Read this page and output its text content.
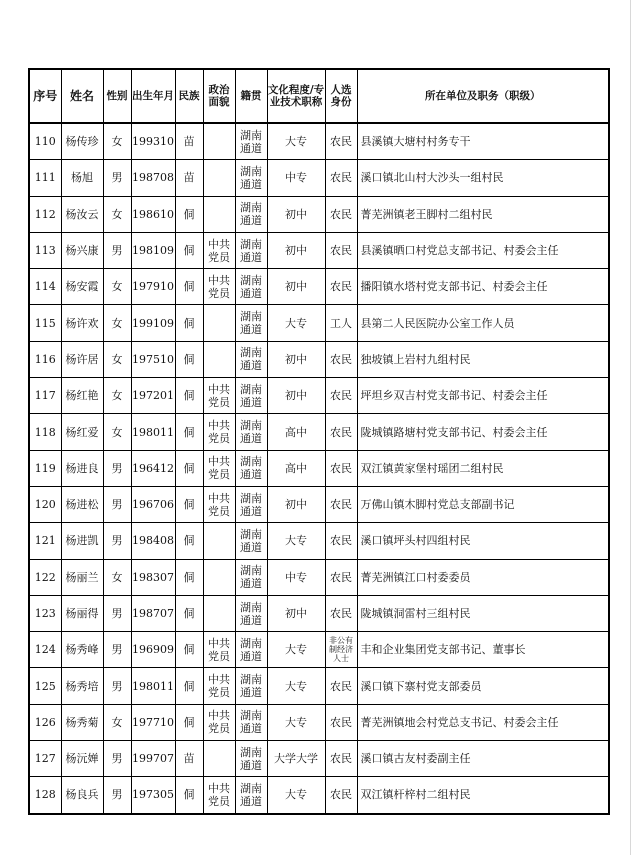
序号	姓名	性别	出生年月	民族	政治面貌	籍贯	文化程度/专业技术职称	人选身份	所在单位及职务（职级）
110	杨传珍	女	199310	苗		湖南通道	大专	农民	县溪镇大塘村村务专干
111	杨旭	男	198708	苗		湖南通道	中专	农民	溪口镇北山村大沙头一组村民
112	杨汝云	女	198610	侗		湖南通道	初中	农民	菁芜洲镇老王脚村二组村民
113	杨兴康	男	198109	侗	中共党员	湖南通道	初中	农民	县溪镇晒口村党总支部书记、村委会主任
114	杨安霞	女	197910	侗	中共党员	湖南通道	初中	农民	播阳镇水塔村党支部书记、村委会主任
115	杨许欢	女	199109	侗		湖南通道	大专	工人	县第二人民医院办公室工作人员
116	杨许居	女	197510	侗		湖南通道	初中	农民	独坡镇上岩村九组村民
117	杨红艳	女	197201	侗	中共党员	湖南通道	初中	农民	坪坦乡双吉村党支部书记、村委会主任
118	杨红爱	女	198011	侗	中共党员	湖南通道	高中	农民	陇城镇路塘村党支部书记、村委会主任
119	杨进良	男	196412	侗	中共党员	湖南通道	高中	农民	双江镇黄家堡村瑶团二组村民
120	杨进松	男	196706	侗	中共党员	湖南通道	初中	农民	万佛山镇木脚村党总支部副书记
121	杨进凯	男	198408	侗		湖南通道	大专	农民	溪口镇坪头村四组村民
122	杨丽兰	女	198307	侗		湖南通道	中专	农民	菁芜洲镇江口村委委员
123	杨丽得	男	198707	侗		湖南通道	初中	农民	陇城镇洞雷村三组村民
124	杨秀峰	男	196909	侗	中共党员	湖南通道	大专	非公有制经济人士	丰和企业集团党支部书记、董事长
125	杨秀培	男	198011	侗	中共党员	湖南通道	大专	农民	溪口镇下寨村党支部委员
126	杨秀菊	女	197710	侗	中共党员	湖南通道	大专	农民	菁芜洲镇地会村党总支书记、村委会主任
127	杨沅婵	男	199707	苗		湖南通道	大学大学	农民	溪口镇古友村委副主任
128	杨良兵	男	197305	侗	中共党员	湖南通道	大专	农民	双江镇杆梓村二组村民
